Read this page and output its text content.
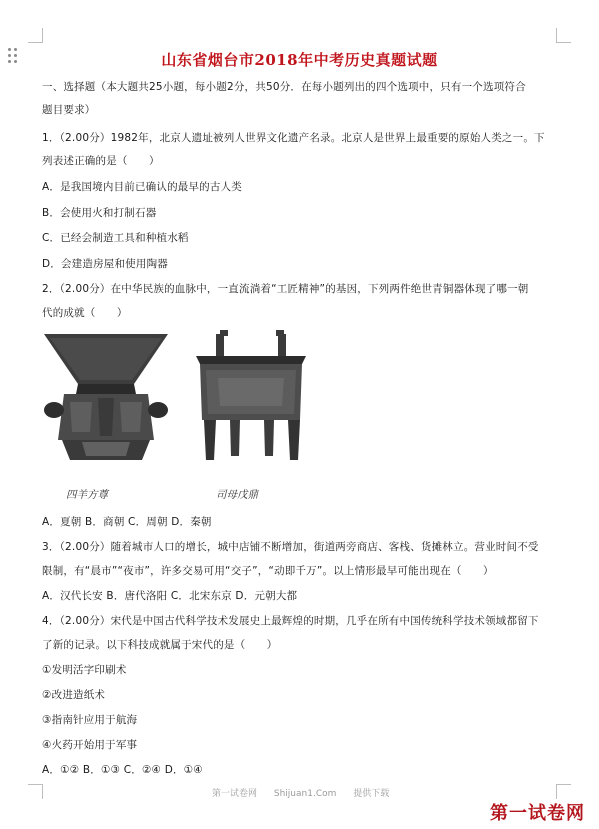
山东省烟台市2018年中考历史真题试题
一、选择题（本大题共25小题，每小题2分，共50分．在每小题列出的四个选项中，只有一个选项符合
题目要求）
1．（2.00分）1982年，北京人遗址被列人世界文化遗产名录。北京人是世界上最重要的原始人类之一。下
列表述正确的是（　　）
A．是我国境内目前已确认的最早的古人类
B．会使用火和打制石器
C．已经会制造工具和种植水稻
D．会建造房屋和使用陶器
2．（2.00分）在中华民族的血脉中，一直流淌着“工匠精神”的基因，下列两件绝世青铜器体现了哪一朝
代的成就（　　）
四羊方尊	司母戊鼎
A．夏朝 B．商朝 C．周朝 D．秦朝
3．（2.00分）随着城市人口的增长，城中店铺不断增加，街道两旁商店、客栈、货摊林立。营业时间不受
限制，有“晨市”“夜市”，许多交易可用“交子”，“动即千万”。以上情形最早可能出现在（　　）
A．汉代长安 B．唐代洛阳 C．北宋东京 D．元朝大都
4．（2.00分）宋代是中国古代科学技术发展史上最辉煌的时期，几乎在所有中国传统科学技术领域都留下
了新的记录。以下科技成就属于宋代的是（　　）
①发明活字印刷术
②改进造纸术
③指南针应用于航海
④火药开始用于军事
A．①② B．①③ C．②④ D．①④
第一试卷网 Shijuan1.Com 提供下载
第一试卷网
